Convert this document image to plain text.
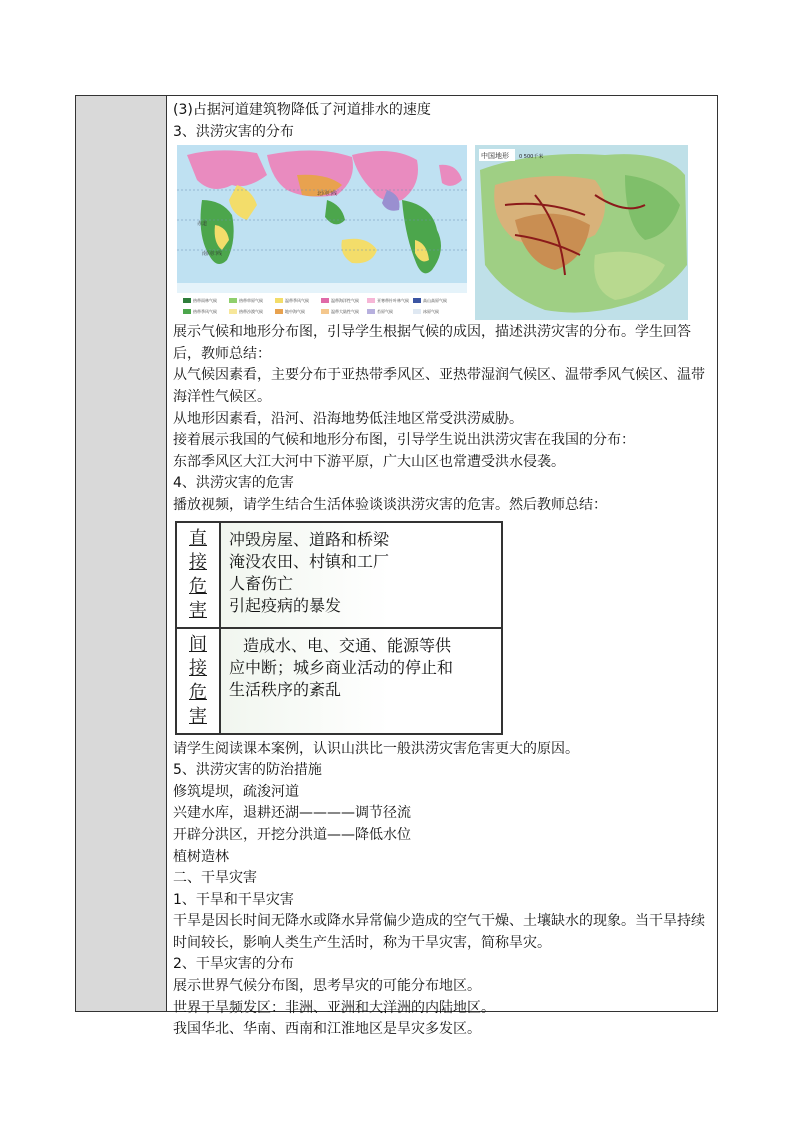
(3)占据河道建筑物降低了河道排水的速度
3、洪涝灾害的分布
北回归线
赤道
南回归线
热带雨林气候	热带草原气候	温带季风气候	温带海洋性气候	亚寒带针叶林气候	高山高原气候
热带季风气候	热带沙漠气候	地中海气候	温带大陆性气候	苔原气候	冰原气候
中国地形 0 500千米
展示气候和地形分布图，引导学生根据气候的成因，描述洪涝灾害的分布。学生回答后，教师总结：
从气候因素看，主要分布于亚热带季风区、亚热带湿润气候区、温带季风气候区、温带海洋性气候区。
从地形因素看，沿河、沿海地势低洼地区常受洪涝威胁。
接着展示我国的气候和地形分布图，引导学生说出洪涝灾害在我国的分布：
东部季风区大江大河中下游平原，广大山区也常遭受洪水侵袭。
4、洪涝灾害的危害
播放视频，请学生结合生活体验谈谈洪涝灾害的危害。然后教师总结：
直
接
危
害
冲毁房屋、道路和桥梁
淹没农田、村镇和工厂
人畜伤亡
引起疫病的暴发
间
接
危
害
造成水、电、交通、能源等供
应中断；城乡商业活动的停止和
生活秩序的紊乱
请学生阅读课本案例，认识山洪比一般洪涝灾害危害更大的原因。
5、洪涝灾害的防治措施
修筑堤坝，疏浚河道
兴建水库，退耕还湖————调节径流
开辟分洪区，开挖分洪道——降低水位
植树造林
二、干旱灾害
1、干旱和干旱灾害
干旱是因长时间无降水或降水异常偏少造成的空气干燥、土壤缺水的现象。当干旱持续时间较长，影响人类生产生活时，称为干旱灾害，简称旱灾。
2、干旱灾害的分布
展示世界气候分布图，思考旱灾的可能分布地区。
世界干旱频发区：非洲、亚洲和大洋洲的内陆地区。
我国华北、华南、西南和江淮地区是旱灾多发区。
